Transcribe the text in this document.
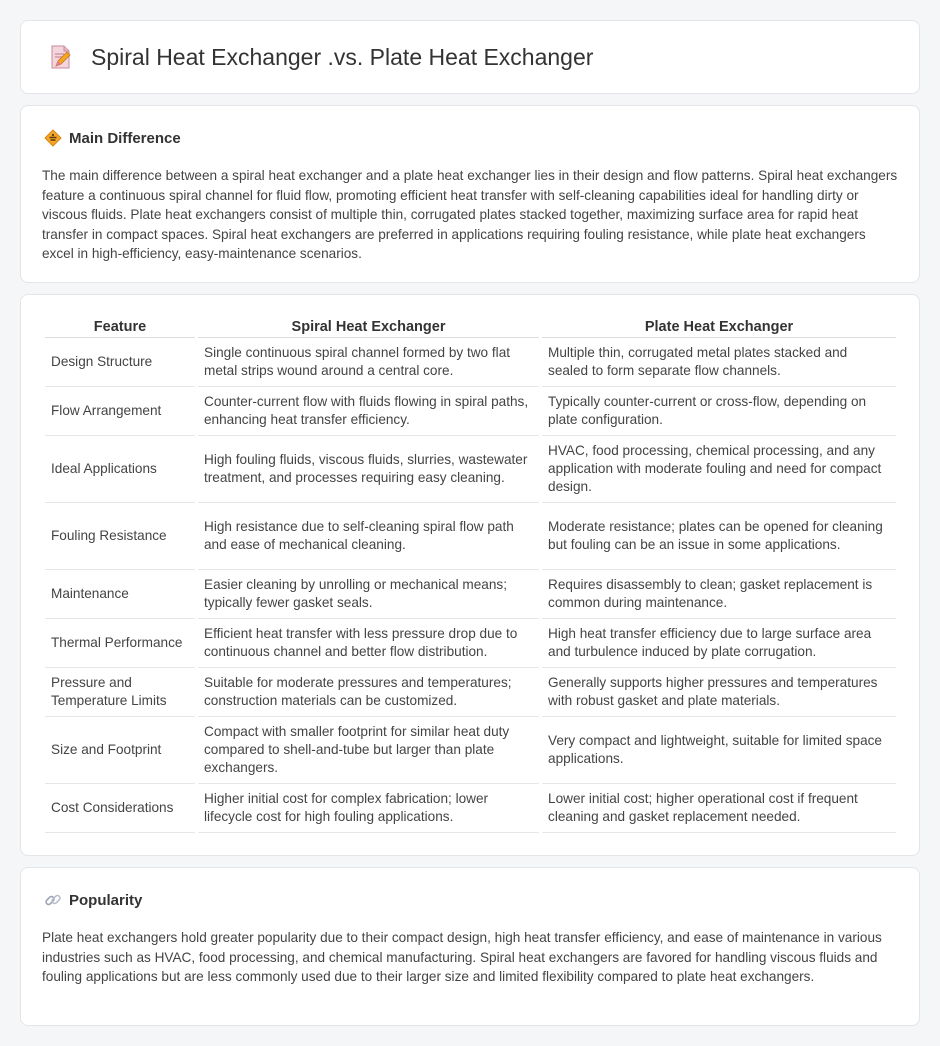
Spiral Heat Exchanger .vs. Plate Heat Exchanger
Main Difference

The main difference between a spiral heat exchanger and a plate heat exchanger lies in their design and flow patterns. Spiral heat exchangers feature a continuous spiral channel for fluid flow, promoting efficient heat transfer with self-cleaning capabilities ideal for handling dirty or viscous fluids. Plate heat exchangers consist of multiple thin, corrugated plates stacked together, maximizing surface area for rapid heat transfer in compact spaces. Spiral heat exchangers are preferred in applications requiring fouling resistance, while plate heat exchangers excel in high-efficiency, easy-maintenance scenarios.

Feature	Spiral Heat Exchanger	Plate Heat Exchanger
Design Structure	Single continuous spiral channel formed by two flat metal strips wound around a central core.	Multiple thin, corrugated metal plates stacked and sealed to form separate flow channels.
Flow Arrangement	Counter-current flow with fluids flowing in spiral paths, enhancing heat transfer efficiency.	Typically counter-current or cross-flow, depending on plate configuration.
Ideal Applications	High fouling fluids, viscous fluids, slurries, wastewater treatment, and processes requiring easy cleaning.	HVAC, food processing, chemical processing, and any application with moderate fouling and need for compact design.
Fouling Resistance	High resistance due to self-cleaning spiral flow path and ease of mechanical cleaning.	Moderate resistance; plates can be opened for cleaning but fouling can be an issue in some applications.
Maintenance	Easier cleaning by unrolling or mechanical means; typically fewer gasket seals.	Requires disassembly to clean; gasket replacement is common during maintenance.
Thermal Performance	Efficient heat transfer with less pressure drop due to continuous channel and better flow distribution.	High heat transfer efficiency due to large surface area and turbulence induced by plate corrugation.
Pressure and Temperature Limits	Suitable for moderate pressures and temperatures; construction materials can be customized.	Generally supports higher pressures and temperatures with robust gasket and plate materials.
Size and Footprint	Compact with smaller footprint for similar heat duty compared to shell-and-tube but larger than plate exchangers.	Very compact and lightweight, suitable for limited space applications.
Cost Considerations	Higher initial cost for complex fabrication; lower lifecycle cost for high fouling applications.	Lower initial cost; higher operational cost if frequent cleaning and gasket replacement needed.
Popularity

Plate heat exchangers hold greater popularity due to their compact design, high heat transfer efficiency, and ease of maintenance in various industries such as HVAC, food processing, and chemical manufacturing. Spiral heat exchangers are favored for handling viscous fluids and fouling applications but are less commonly used due to their larger size and limited flexibility compared to plate heat exchangers.
